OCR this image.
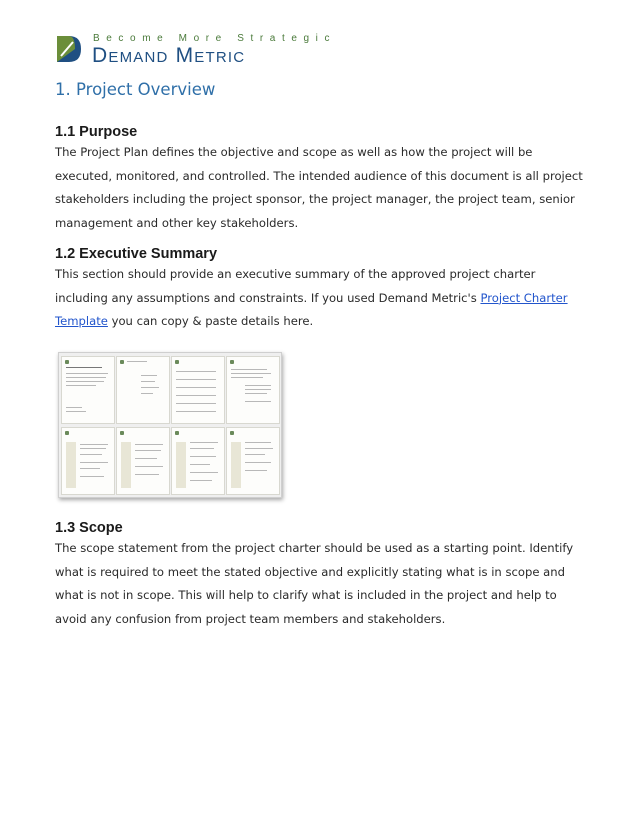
Become More Strategic
Demand Metric
1. Project Overview
1.1 Purpose

The Project Plan defines the objective and scope as well as how the project will be executed, monitored, and controlled. The intended audience of this document is all project stakeholders including the project sponsor, the project manager, the project team, senior management and other key stakeholders.

1.2 Executive Summary

This section should provide an executive summary of the approved project charter including any assumptions and constraints. If you used Demand Metric's Project Charter Template you can copy & paste details here.

1.3 Scope

The scope statement from the project charter should be used as a starting point. Identify what is required to meet the stated objective and explicitly stating what is in scope and what is not in scope. This will help to clarify what is included in the project and help to avoid any confusion from project team members and stakeholders.
